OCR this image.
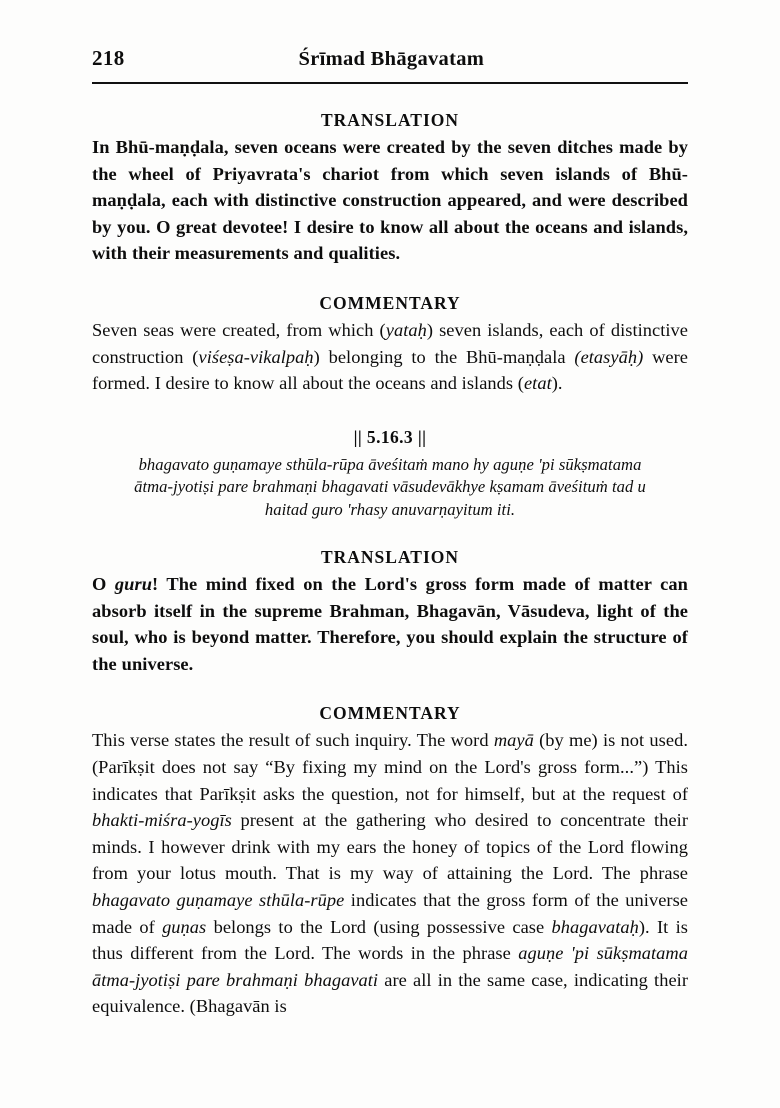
218	Śrīmad Bhāgavatam
TRANSLATION
In Bhū-maṇḍala, seven oceans were created by the seven ditches made by the wheel of Priyavrata's chariot from which seven islands of Bhū-maṇḍala, each with distinctive construction appeared, and were described by you. O great devotee! I desire to know all about the oceans and islands, with their measurements and qualities.
COMMENTARY
Seven seas were created, from which (yataḥ) seven islands, each of distinctive construction (viśeṣa-vikalpaḥ) belonging to the Bhū-maṇḍala (etasyāḥ) were formed. I desire to know all about the oceans and islands (etat).
|| 5.16.3 ||
bhagavato guṇamaye sthūla-rūpa āveśitaṁ mano hy aguṇe 'pi sūkṣmatama
ātma-jyotiṣi pare brahmaṇi bhagavati vāsudevākhye kṣamam āveśituṁ tad u
haitad guro 'rhasy anuvarṇayitum iti.
TRANSLATION
O guru! The mind fixed on the Lord's gross form made of matter can absorb itself in the supreme Brahman, Bhagavān, Vāsudeva, light of the soul, who is beyond matter. Therefore, you should explain the structure of the universe.
COMMENTARY
This verse states the result of such inquiry. The word mayā (by me) is not used. (Parīkṣit does not say “By fixing my mind on the Lord's gross form...”) This indicates that Parīkṣit asks the question, not for himself, but at the request of bhakti-miśra-yogīs present at the gathering who desired to concentrate their minds. I however drink with my ears the honey of topics of the Lord flowing from your lotus mouth. That is my way of attaining the Lord. The phrase bhagavato guṇamaye sthūla-rūpe indicates that the gross form of the universe made of guṇas belongs to the Lord (using possessive case bhagavataḥ). It is thus different from the Lord. The words in the phrase aguṇe 'pi sūkṣmatama ātma-jyotiṣi pare brahmaṇi bhagavati are all in the same case, indicating their equivalence. (Bhagavān is
